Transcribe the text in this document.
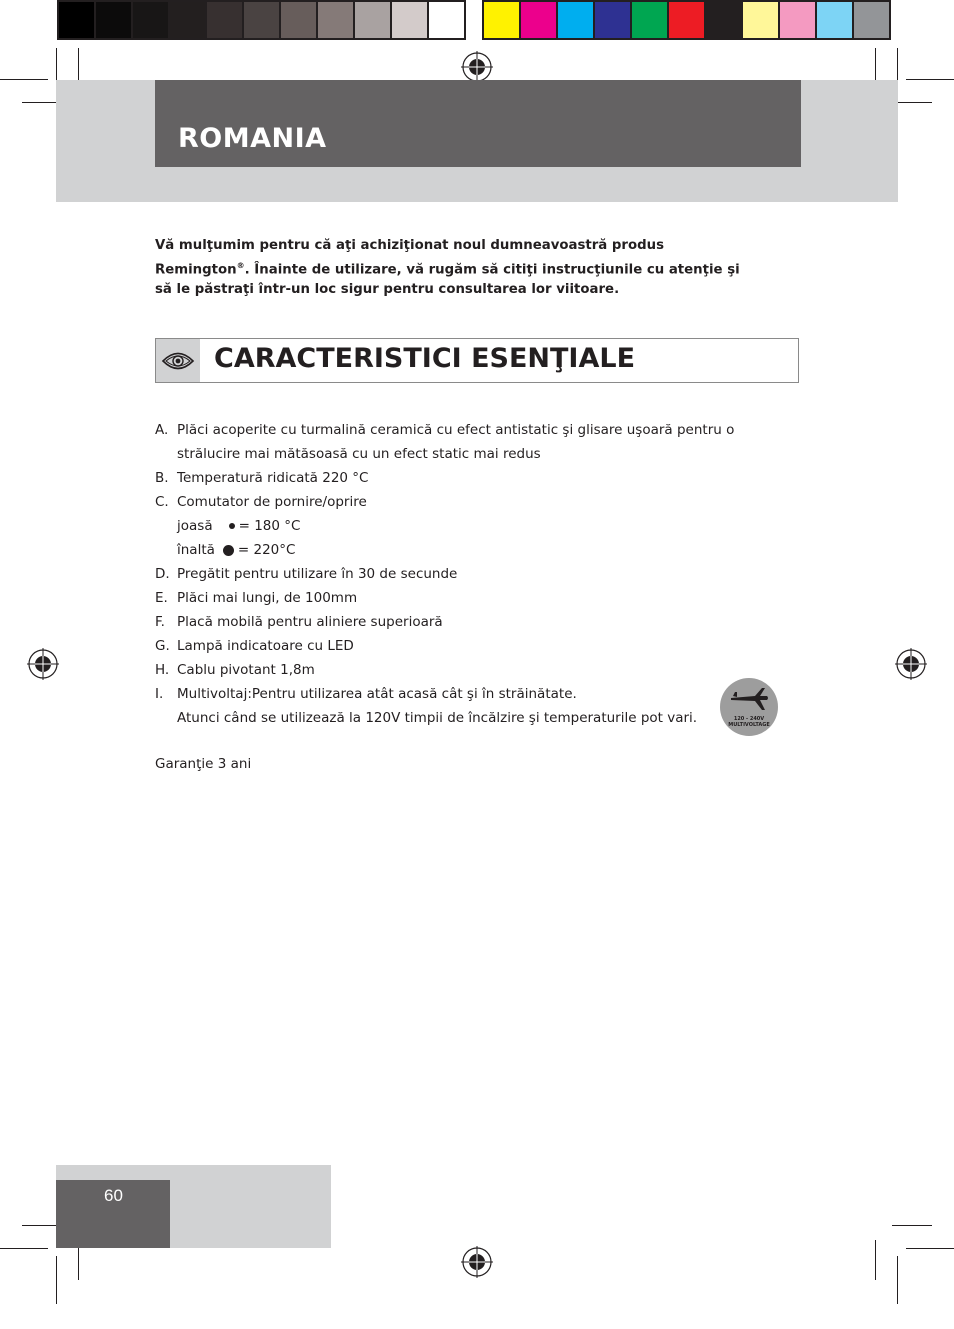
ROMANIA
Vă mulţumim pentru că aţi achiziţionat noul dumneavoastră produs
Remington®. Înainte de utilizare, vă rugăm să citiţi instrucţiunile cu atenţie şi
să le păstraţi într-un loc sigur pentru consultarea lor viitoare.
CARACTERISTICI ESENŢIALE
A. Plăci acoperite cu turmalină ceramică cu efect antistatic şi glisare uşoară pentru o
strălucire mai mătăsoasă cu un efect static mai redus
B. Temperatură ridicată 220 °C
C. Comutator de pornire/oprire
joasă = 180 °C
înaltă = 220°C
D. Pregătit pentru utilizare în 30 de secunde
E. Plăci mai lungi, de 100mm
F. Placă mobilă pentru aliniere superioară
G. Lampă indicatoare cu LED
H. Cablu pivotant 1,8m
I. Multivoltaj:Pentru utilizarea atât acasă cât şi în străinătate.
Atunci când se utilizează la 120V timpii de încălzire şi temperaturile pot vari.	120 - 240V
MULTIVOLTAGE
Garanţie 3 ani
60
